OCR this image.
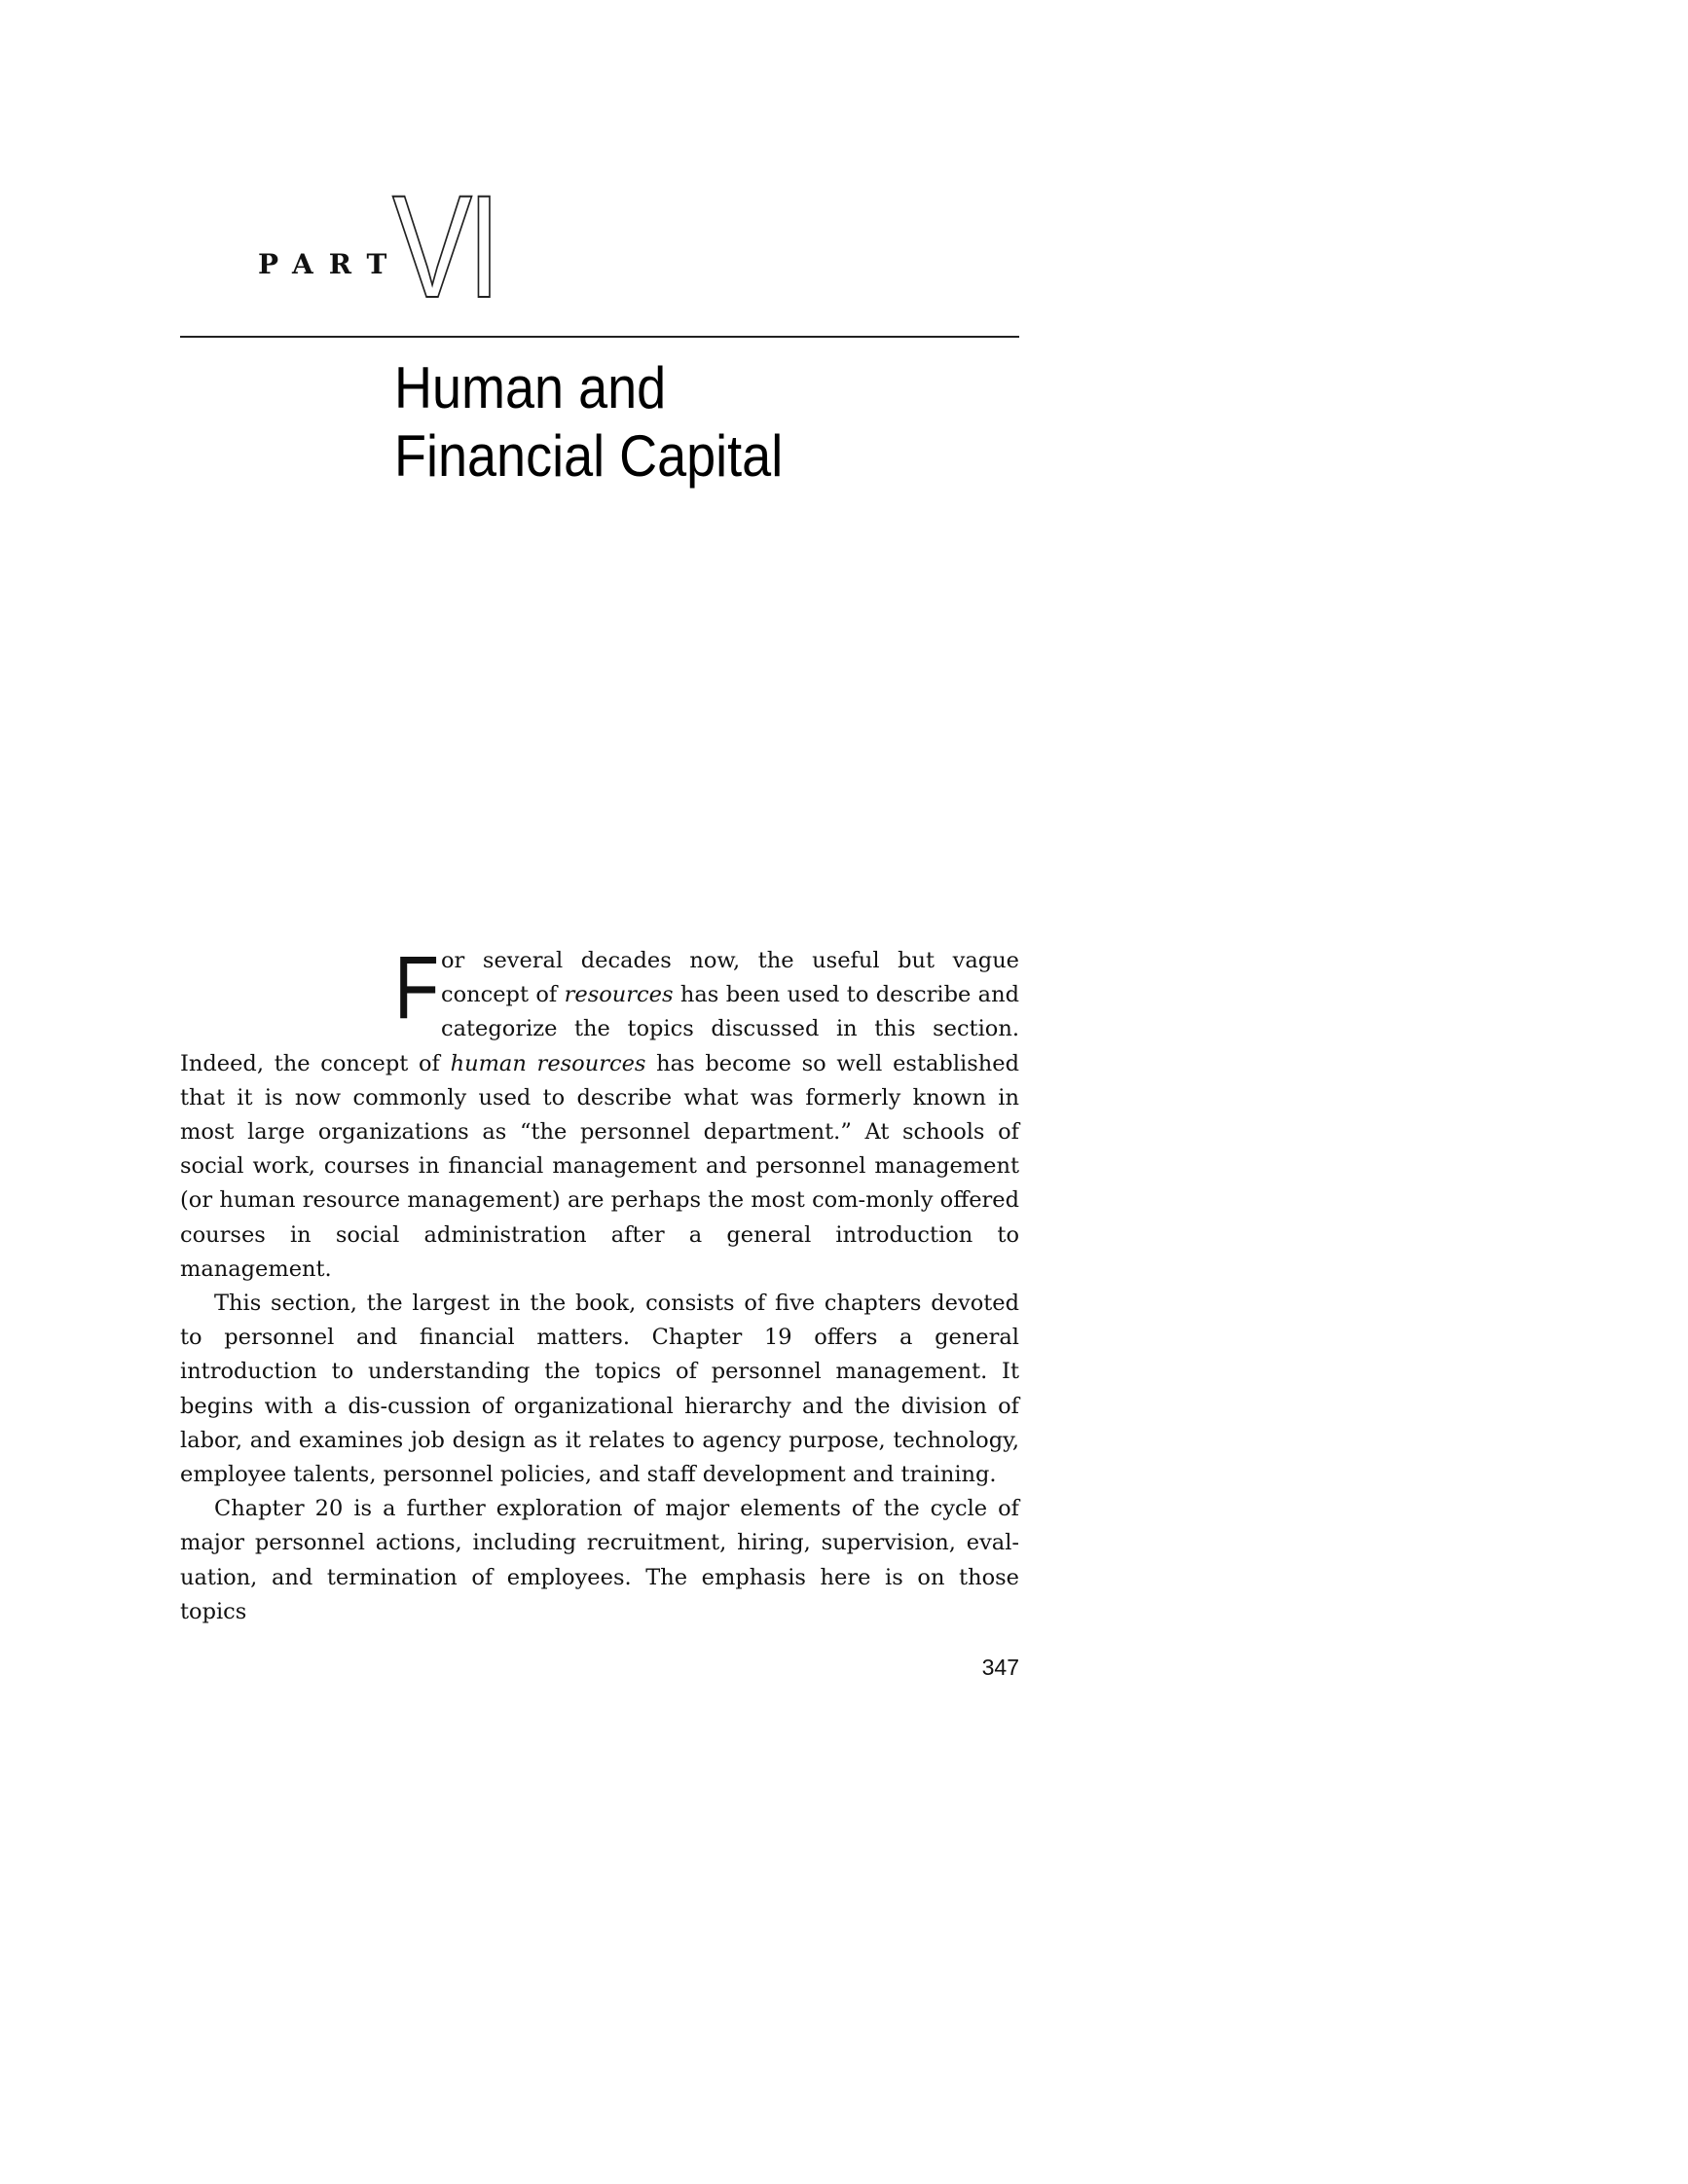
PART
VI
Human and
Financial Capital

For several decades now, the useful but vague concept of resources has been used to describe and categorize the topics discussed in this section. Indeed, the concept of human resources has become so well established that it is now commonly used to describe what was formerly known in most large organizations as “the personnel department.” At schools of social work, courses in financial management and personnel management (or human resource management) are perhaps the most com-monly offered courses in social administration after a general introduction to management.

This section, the largest in the book, consists of five chapters devoted to personnel and financial matters. Chapter 19 offers a general introduction to understanding the topics of personnel management. It begins with a dis-cussion of organizational hierarchy and the division of labor, and examines job design as it relates to agency purpose, technology, employee talents, personnel policies, and staff development and training.

Chapter 20 is a further exploration of major elements of the cycle of major personnel actions, including recruitment, hiring, supervision, eval-uation, and termination of employees. The emphasis here is on those topics

347
